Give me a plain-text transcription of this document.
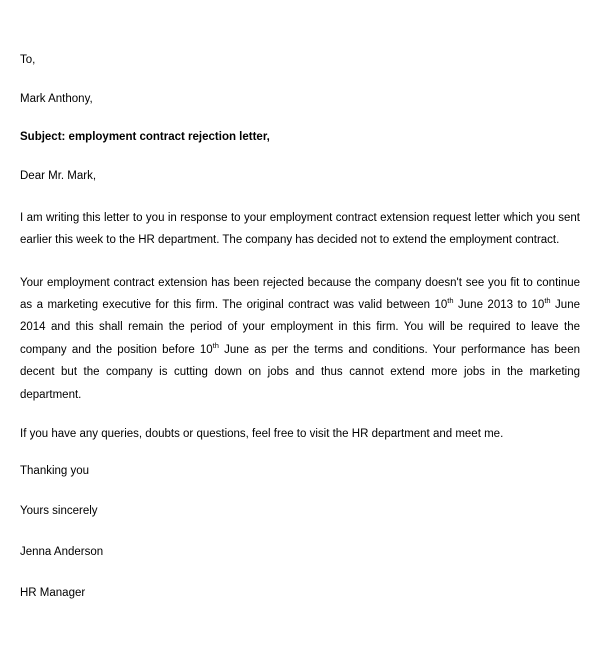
To,

Mark Anthony,

Subject: employment contract rejection letter,

Dear Mr. Mark,

I am writing this letter to you in response to your employment contract extension request letter which you sent earlier this week to the HR department. The company has decided not to extend the employment contract.

Your employment contract extension has been rejected because the company doesn't see you fit to continue as a marketing executive for this firm. The original contract was valid between 10th June 2013 to 10th June 2014 and this shall remain the period of your employment in this firm. You will be required to leave the company and the position before 10th June as per the terms and conditions. Your performance has been decent but the company is cutting down on jobs and thus cannot extend more jobs in the marketing department.

If you have any queries, doubts or questions, feel free to visit the HR department and meet me.

Thanking you

Yours sincerely

Jenna Anderson

HR Manager
